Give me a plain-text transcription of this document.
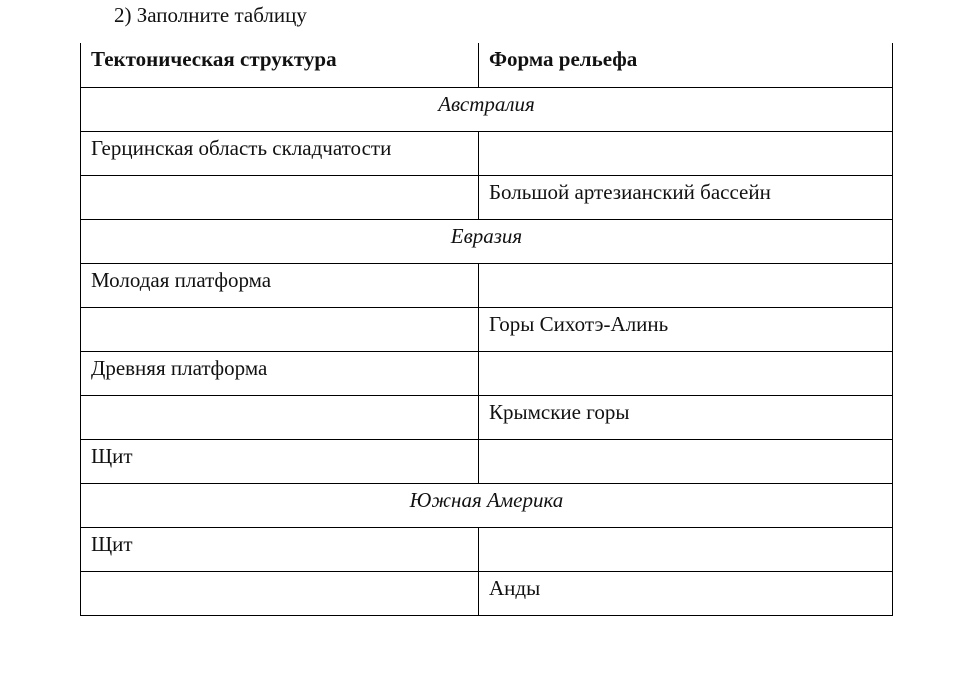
2) Заполните таблицу
Тектоническая структура	Форма рельефа
Австралия	
Герцинская область складчатости	
	Большой артезианский бассейн
Евразия	
Молодая платформа	
	Горы Сихотэ-Алинь
Древняя платформа	
	Крымские горы
Щит	
Южная Америка	
Щит	
	Анды
